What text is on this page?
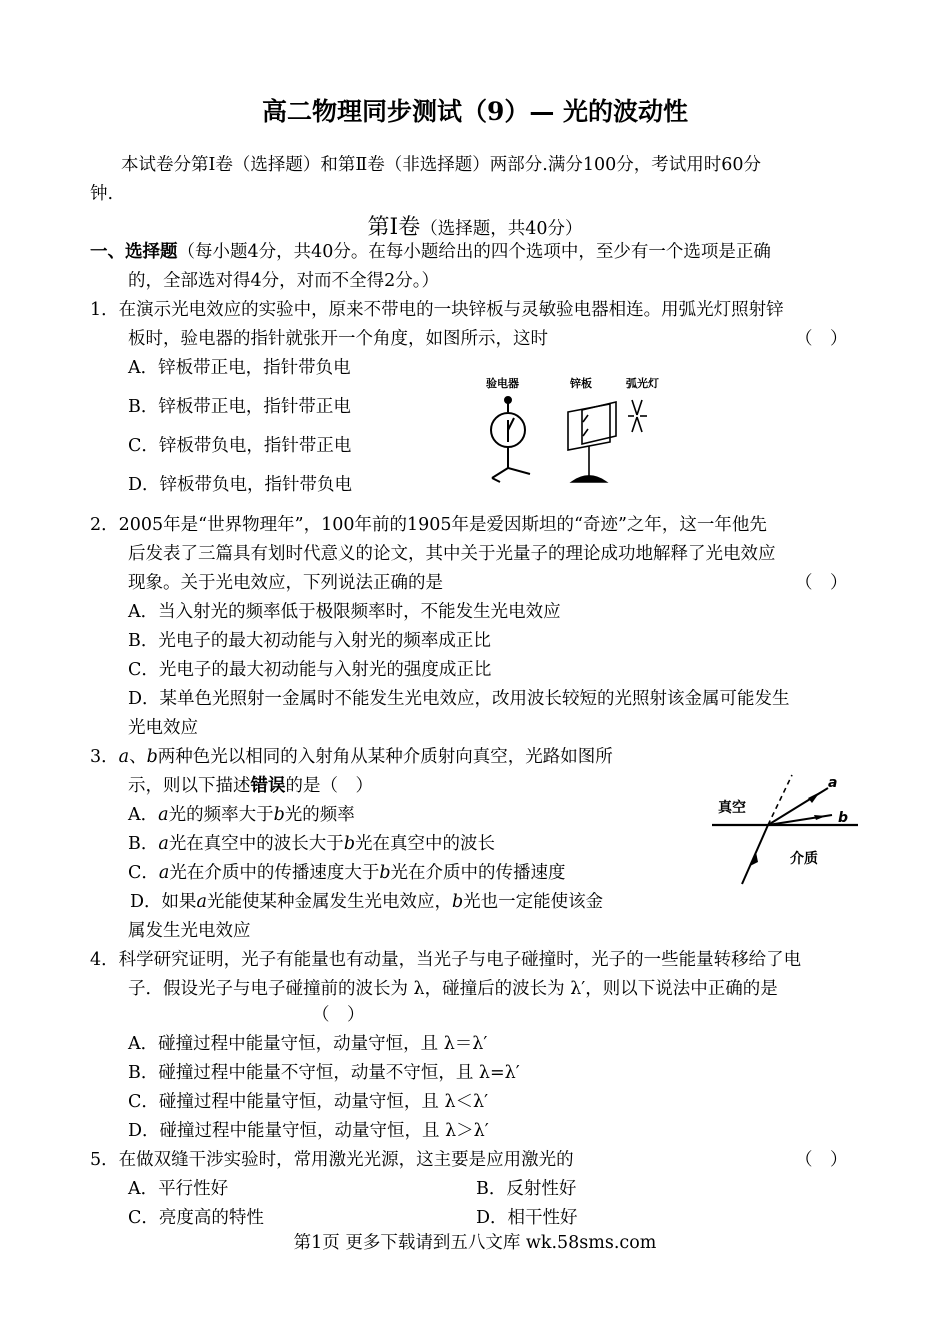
高二物理同步测试（9）— 光的波动性
本试卷分第Ⅰ卷（选择题）和第Ⅱ卷（非选择题）两部分.满分100分，考试用时60分
钟.
第Ⅰ卷（选择题，共40分）
一、选择题（每小题4分，共40分。在每小题给出的四个选项中，至少有一个选项是正确
的，全部选对得4分，对而不全得2分。）
1．在演示光电效应的实验中，原来不带电的一块锌板与灵敏验电器相连。用弧光灯照射锌
板时，验电器的指针就张开一个角度，如图所示，这时	（　）
A．锌板带正电，指针带负电
B．锌板带正电，指针带正电
C．锌板带负电，指针带正电
D．锌板带负电，指针带负电
验电器	锌板	弧光灯
2．2005年是“世界物理年”，100年前的1905年是爱因斯坦的“奇迹”之年，这一年他先
后发表了三篇具有划时代意义的论文，其中关于光量子的理论成功地解释了光电效应
现象。关于光电效应，下列说法正确的是	（　）
A．当入射光的频率低于极限频率时，不能发生光电效应
B．光电子的最大初动能与入射光的频率成正比
C．光电子的最大初动能与入射光的强度成正比
D．某单色光照射一金属时不能发生光电效应，改用波长较短的光照射该金属可能发生
光电效应
3．a、b两种色光以相同的入射角从某种介质射向真空，光路如图所
示，则以下描述错误的是（　）
A．a光的频率大于b光的频率
B．a光在真空中的波长大于b光在真空中的波长
C．a光在介质中的传播速度大于b光在介质中的传播速度
D．如果a光能使某种金属发生光电效应，b光也一定能使该金
属发生光电效应
真空
介质
a
b
4．科学研究证明，光子有能量也有动量，当光子与电子碰撞时，光子的一些能量转移给了电
子．假设光子与电子碰撞前的波长为 λ，碰撞后的波长为 λ′，则以下说法中正确的是
（　）
A．碰撞过程中能量守恒，动量守恒，且 λ＝λ′
B．碰撞过程中能量不守恒，动量不守恒，且 λ=λ′
C．碰撞过程中能量守恒，动量守恒，且 λ＜λ′
D．碰撞过程中能量守恒，动量守恒，且 λ＞λ′
5．在做双缝干涉实验时，常用激光光源，这主要是应用激光的	（　）
A．平行性好	B．反射性好
C．亮度高的特性	D．相干性好
第1页 更多下载请到五八文库 wk.58sms.com
